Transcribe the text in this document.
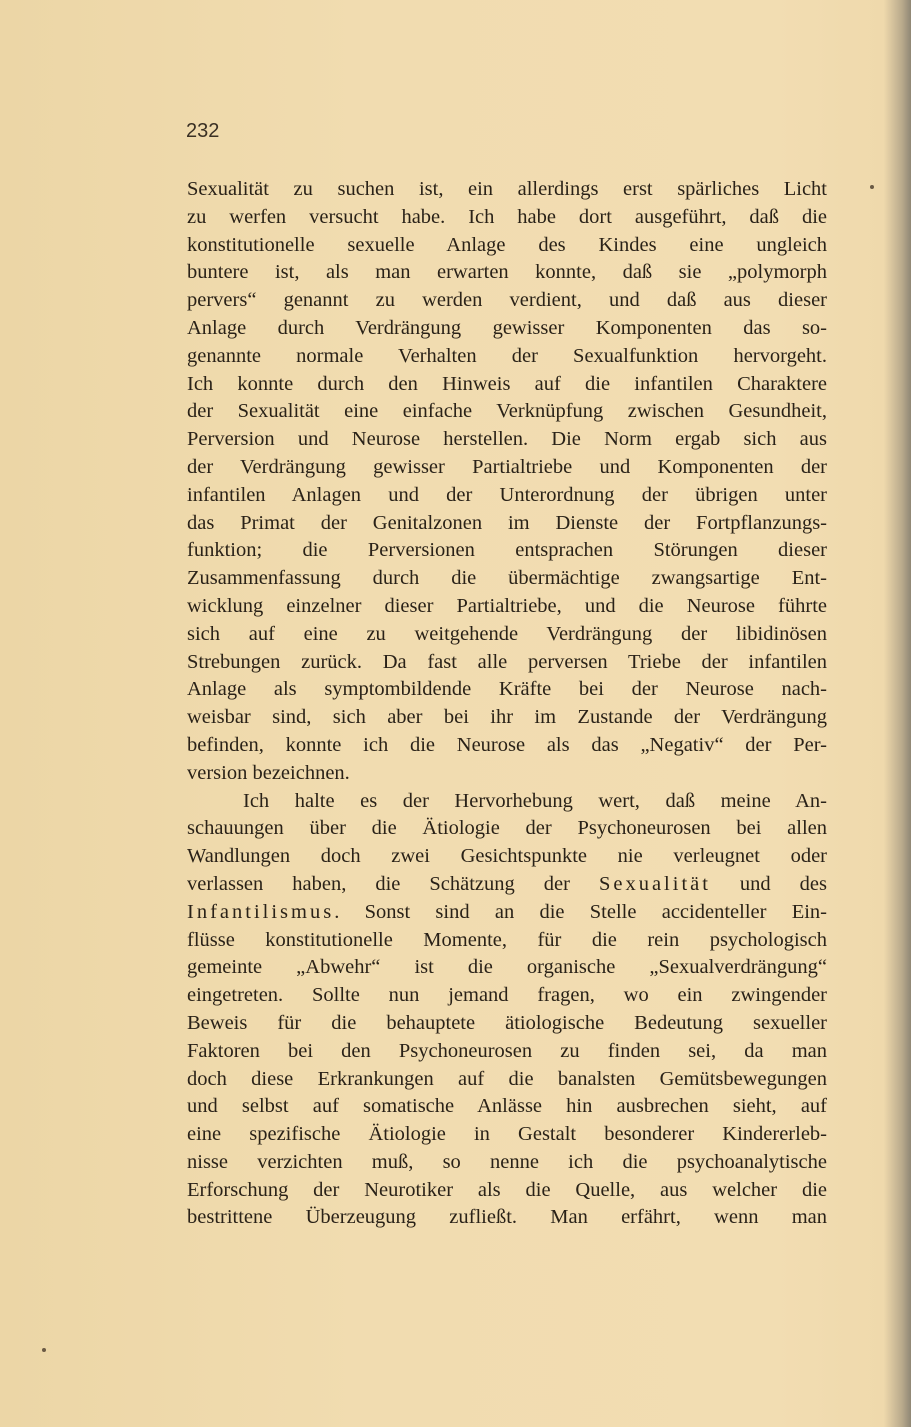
232
Sexualität zu suchen ist, ein allerdings erst spärliches Licht
zu werfen versucht habe. Ich habe dort ausgeführt, daß die
konstitutionelle sexuelle Anlage des Kindes eine ungleich
buntere ist, als man erwarten konnte, daß sie „polymorph
pervers“ genannt zu werden verdient, und daß aus dieser
Anlage durch Verdrängung gewisser Komponenten das so-
genannte normale Verhalten der Sexualfunktion hervorgeht.
Ich konnte durch den Hinweis auf die infantilen Charaktere
der Sexualität eine einfache Verknüpfung zwischen Gesundheit,
Perversion und Neurose herstellen. Die Norm ergab sich aus
der Verdrängung gewisser Partialtriebe und Komponenten der
infantilen Anlagen und der Unterordnung der übrigen unter
das Primat der Genitalzonen im Dienste der Fortpflanzungs-
funktion; die Perversionen entsprachen Störungen dieser
Zusammenfassung durch die übermächtige zwangsartige Ent-
wicklung einzelner dieser Partialtriebe, und die Neurose führte
sich auf eine zu weitgehende Verdrängung der libidinösen
Strebungen zurück. Da fast alle perversen Triebe der infantilen
Anlage als symptombildende Kräfte bei der Neurose nach-
weisbar sind, sich aber bei ihr im Zustande der Verdrängung
befinden, konnte ich die Neurose als das „Negativ“ der Per-
version bezeichnen.
Ich halte es der Hervorhebung wert, daß meine An-
schauungen über die Ätiologie der Psychoneurosen bei allen
Wandlungen doch zwei Gesichtspunkte nie verleugnet oder
verlassen haben, die Schätzung der Sexualität und des
Infantilismus. Sonst sind an die Stelle accidenteller Ein-
flüsse konstitutionelle Momente, für die rein psychologisch
gemeinte „Abwehr“ ist die organische „Sexualverdrängung“
eingetreten. Sollte nun jemand fragen, wo ein zwingender
Beweis für die behauptete ätiologische Bedeutung sexueller
Faktoren bei den Psychoneurosen zu finden sei, da man
doch diese Erkrankungen auf die banalsten Gemütsbewegungen
und selbst auf somatische Anlässe hin ausbrechen sieht, auf
eine spezifische Ätiologie in Gestalt besonderer Kindererleb-
nisse verzichten muß, so nenne ich die psychoanalytische
Erforschung der Neurotiker als die Quelle, aus welcher die
bestrittene Überzeugung zufließt. Man erfährt, wenn man
